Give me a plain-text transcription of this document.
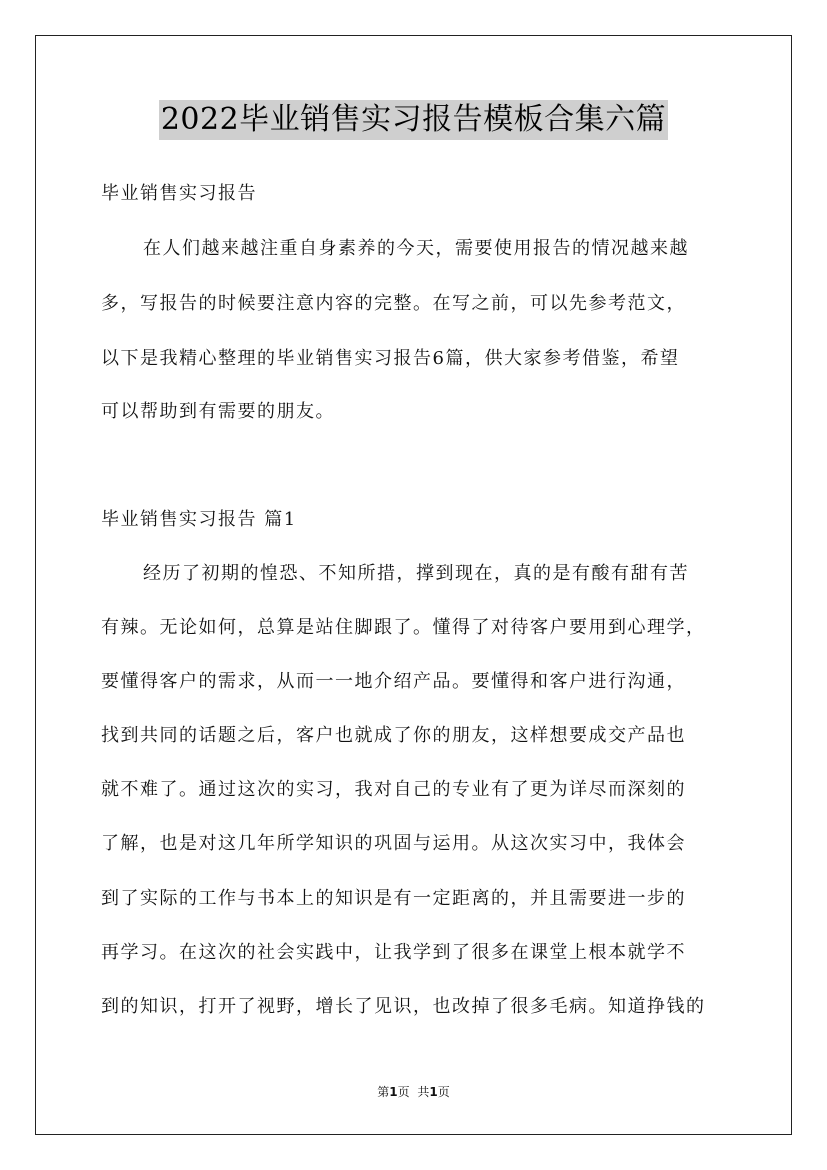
2022毕业销售实习报告模板合集六篇
毕业销售实习报告
在人们越来越注重自身素养的今天，需要使用报告的情况越来越
多，写报告的时候要注意内容的完整。在写之前，可以先参考范文，
以下是我精心整理的毕业销售实习报告6篇，供大家参考借鉴，希望
可以帮助到有需要的朋友。
毕业销售实习报告 篇1
经历了初期的惶恐、不知所措，撑到现在，真的是有酸有甜有苦
有辣。无论如何，总算是站住脚跟了。懂得了对待客户要用到心理学，
要懂得客户的需求，从而一一地介绍产品。要懂得和客户进行沟通，
找到共同的话题之后，客户也就成了你的朋友，这样想要成交产品也
就不难了。通过这次的实习，我对自己的专业有了更为详尽而深刻的
了解，也是对这几年所学知识的巩固与运用。从这次实习中，我体会
到了实际的工作与书本上的知识是有一定距离的，并且需要进一步的
再学习。在这次的社会实践中，让我学到了很多在课堂上根本就学不
到的知识，打开了视野，增长了见识，也改掉了很多毛病。知道挣钱的
第1页 共1页
